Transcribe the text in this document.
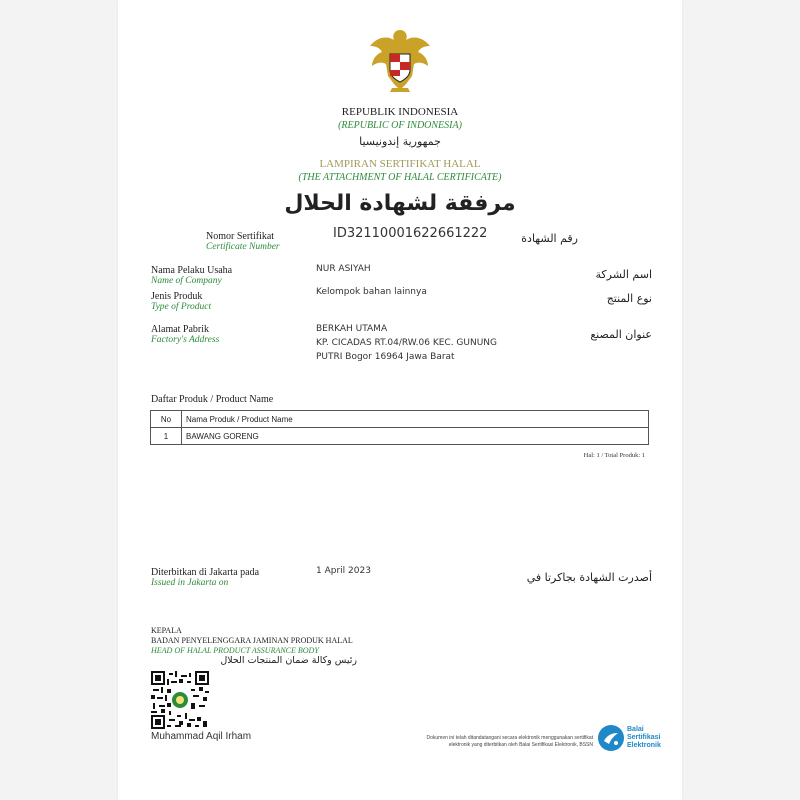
REPUBLIK INDONESIA
(REPUBLIC OF INDONESIA)
جمهورية إندونيسيا
LAMPIRAN SERTIFIKAT HALAL
(THE ATTACHMENT OF HALAL CERTIFICATE)
مرفقة لشهادة الحلال
Nomor Sertifikat
Certificate Number
ID32110001622661222	رقم الشهادة
Nama Pelaku Usaha
Name of Company
NUR ASIYAH	اسم الشركة
Jenis Produk
Type of Product
Kelompok bahan lainnya	نوع المنتج
Alamat Pabrik
Factory's Address
BERKAH UTAMA
KP. CICADAS RT.04/RW.06 KEC. GUNUNG
PUTRI Bogor 16964 Jawa Barat
عنوان المصنع
Daftar Produk / Product Name
No	Nama Produk / Product Name
1	BAWANG GORENG
Hal: 1 / Total Produk: 1
Diterbitkan di Jakarta pada
Issued in Jakarta on
1 April 2023	أصدرت الشهادة بجاكرتا في
KEPALA
BADAN PENYELENGGARA JAMINAN PRODUK HALAL
HEAD OF HALAL PRODUCT ASSURANCE BODY
رئيس وكالة ضمان المنتجات الحلال
Muhammad Aqil Irham	Dokumen ini telah ditandatangani secara elektronik menggunakan sertifikat
elektronik yang diterbitkan oleh Balai Sertifikasi Elektronik, BSSN
Balai
Sertifikasi
Elektronik
